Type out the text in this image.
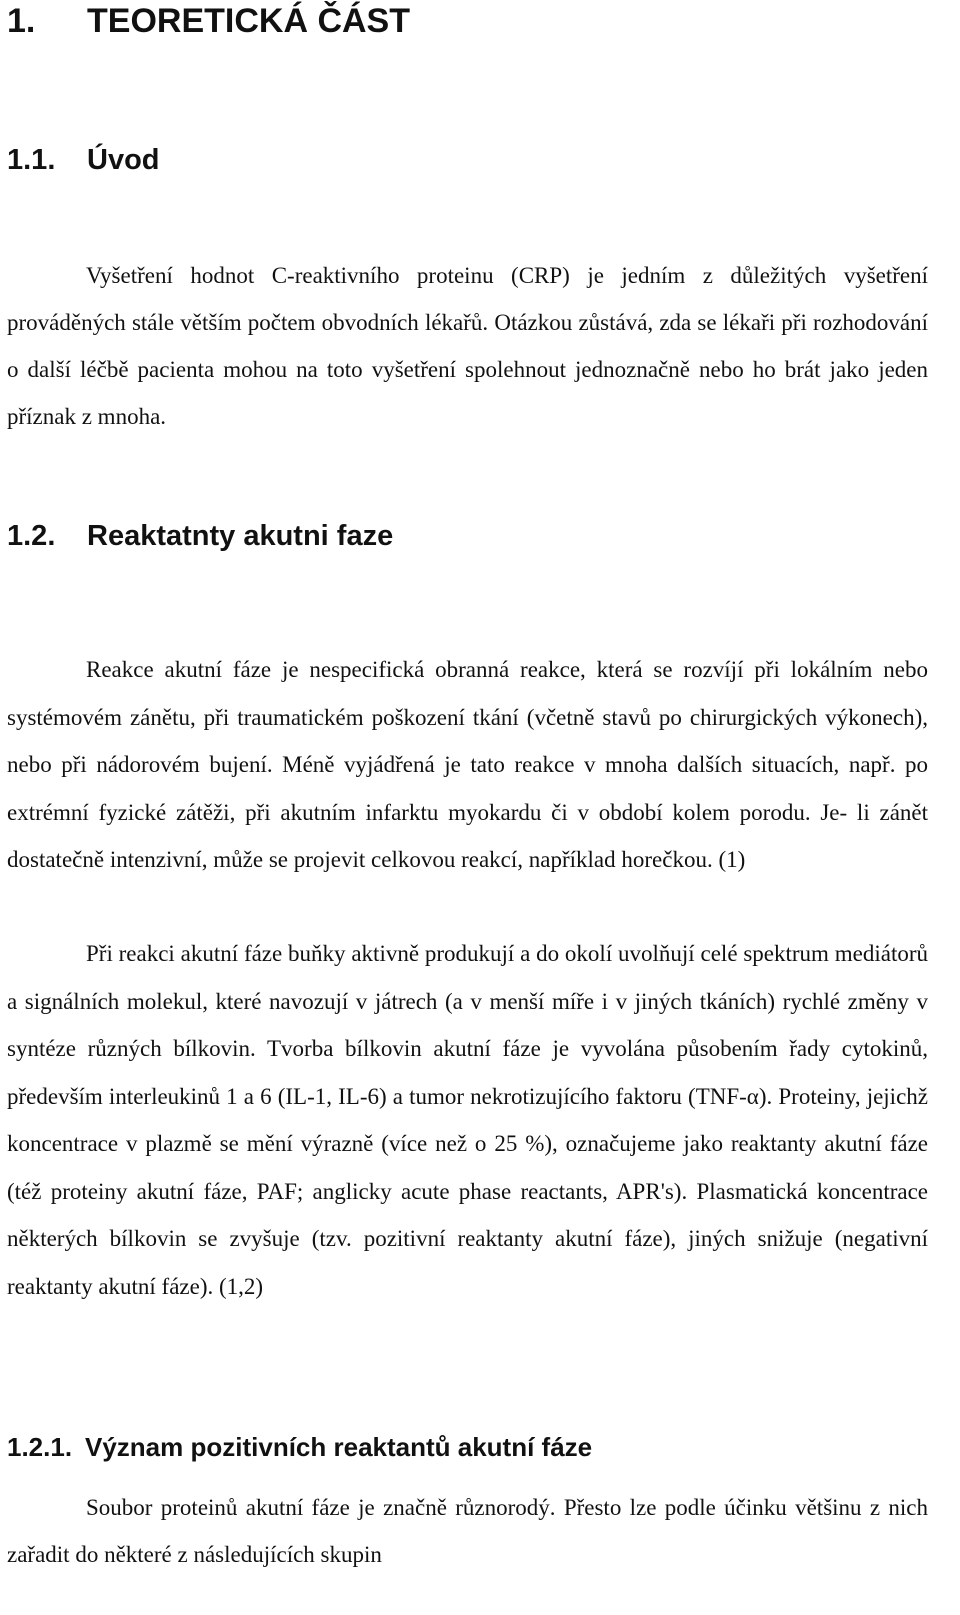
1. TEORETICKÁ ČÁST
1.1. Úvod

Vyšetření hodnot C-reaktivního proteinu (CRP) je jedním z důležitých vyšetření prováděných stále větším počtem obvodních lékařů. Otázkou zůstává, zda se lékaři při rozhodování o další léčbě pacienta mohou na toto vyšetření spolehnout jednoznačně nebo ho brát jako jeden příznak z mnoha.

1.2. Reaktatnty akutni faze

Reakce akutní fáze je nespecifická obranná reakce, která se rozvíjí při lokálním nebo systémovém zánětu, při traumatickém poškození tkání (včetně stavů po chirurgických výkonech), nebo při nádorovém bujení. Méně vyjádřená je tato reakce v mnoha dalších situacích, např. po extrémní fyzické zátěži, při akutním infarktu myokardu či v období kolem porodu. Je- li zánět dostatečně intenzivní, může se projevit celkovou reakcí, například horečkou. (1)

Při reakci akutní fáze buňky aktivně produkují a do okolí uvolňují celé spektrum mediátorů a signálních molekul, které navozují v játrech (a v menší míře i v jiných tkáních) rychlé změny v syntéze různých bílkovin. Tvorba bílkovin akutní fáze je vyvolána působením řady cytokinů, především interleukinů 1 a 6 (IL-1, IL-6) a tumor nekrotizujícího faktoru (TNF-α). Proteiny, jejichž koncentrace v plazmě se mění výrazně (více než o 25 %), označujeme jako reaktanty akutní fáze (též proteiny akutní fáze, PAF; anglicky acute phase reactants, APR's). Plasmatická koncentrace některých bílkovin se zvyšuje (tzv. pozitivní reaktanty akutní fáze), jiných snižuje (negativní reaktanty akutní fáze). (1,2)

1.2.1. Význam pozitivních reaktantů akutní fáze

Soubor proteinů akutní fáze je značně různorodý. Přesto lze podle účinku většinu z nich zařadit do některé z následujících skupin
